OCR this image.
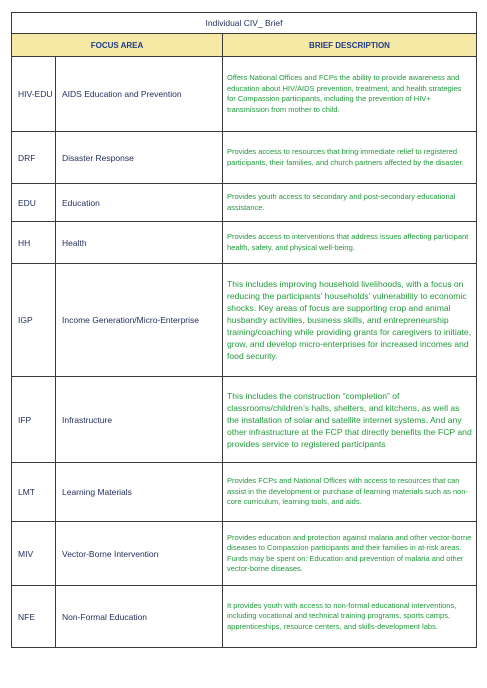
Individual CIV_ Brief		
FOCUS AREA		BRIEF DESCRIPTION
HIV-EDU	AIDS Education and Prevention	Offers National Offices and FCPs the ability to provide awareness and education about HIV/AIDS prevention, treatment, and health strategies for Compassion participants, including the prevention of HIV+ transmission from mother to child.
DRF	Disaster Response	Provides access to resources that bring immediate relief to registered participants, their families, and church partners affected by the disaster.
EDU	Education	Provides youth access to secondary and post-secondary educational assistance.
HH	Health	Provides access to interventions that address issues affecting participant health, safety, and physical well-being.
IGP	Income Generation/Micro-Enterprise	This includes improving household livelihoods, with a focus on reducing the participants’ households’ vulnerability to economic shocks. Key areas of focus are supporting crop and animal husbandry activities, business skills, and entrepreneurship training/coaching while providing grants for caregivers to initiate, grow, and develop micro-enterprises for increased incomes and food security.
IFP	Infrastructure	This includes the construction “completion” of classrooms/children’s halls, shelters, and kitchens, as well as the installation of solar and satellite internet systems. And any other infrastructure at the FCP that directly benefits the FCP and provides service to registered participants
LMT	Learning Materials	Provides FCPs and National Offices with access to resources that can assist in the development or purchase of learning materials such as non-core curriculum, learning tools, and aids.
MIV	Vector-Borne Intervention	Provides education and protection against malaria and other vector-borne diseases to Compassion participants and their families in at-risk areas. Funds may be spent on: Education and prevention of malaria and other vector-borne diseases.
NFE	Non-Formal Education	It provides youth with access to non-formal educational interventions, including vocational and technical training programs, sports camps, apprenticeships, resource centers, and skills-development labs.
